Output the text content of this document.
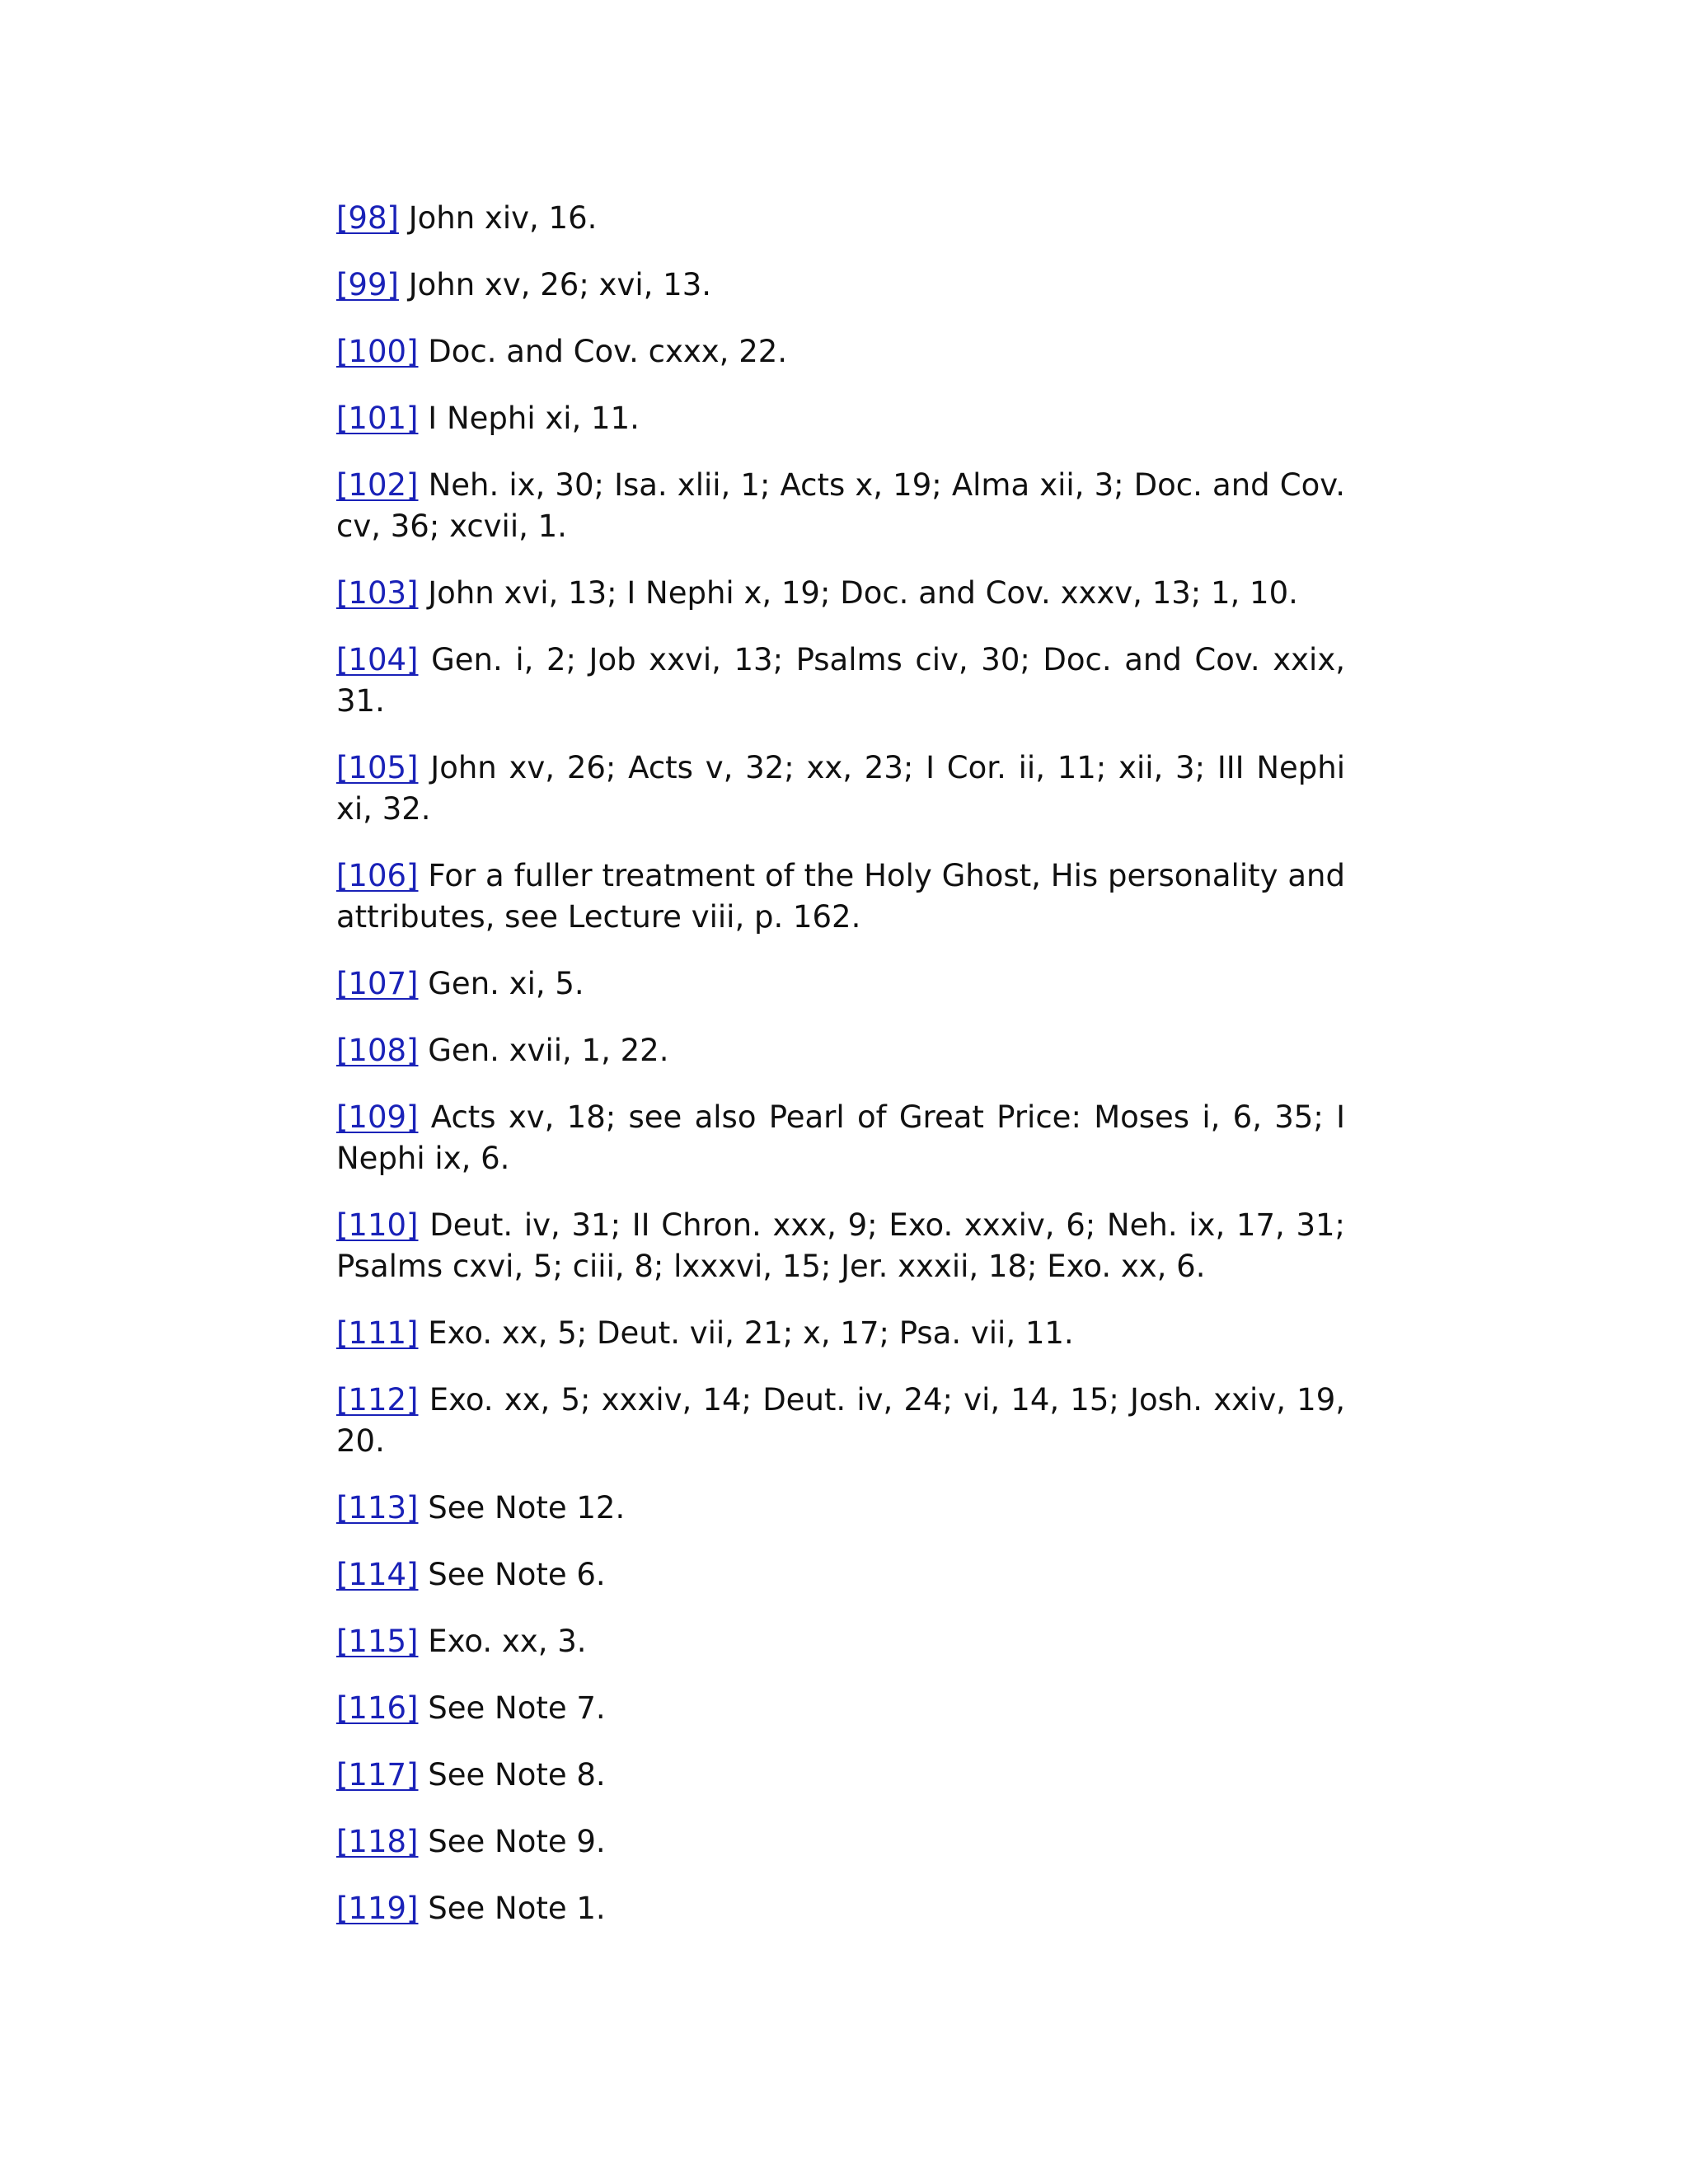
[98] John xiv, 16.

[99] John xv, 26; xvi, 13.

[100] Doc. and Cov. cxxx, 22.

[101] I Nephi xi, 11.

[102] Neh. ix, 30; Isa. xlii, 1; Acts x, 19; Alma xii, 3; Doc. and Cov. cv, 36; xcvii, 1.

[103] John xvi, 13; I Nephi x, 19; Doc. and Cov. xxxv, 13; 1, 10.

[104] Gen. i, 2; Job xxvi, 13; Psalms civ, 30; Doc. and Cov. xxix, 31.

[105] John xv, 26; Acts v, 32; xx, 23; I Cor. ii, 11; xii, 3; III Nephi xi, 32.

[106] For a fuller treatment of the Holy Ghost, His personality and attributes, see Lecture viii, p. 162.

[107] Gen. xi, 5.

[108] Gen. xvii, 1, 22.

[109] Acts xv, 18; see also Pearl of Great Price: Moses i, 6, 35; I Nephi ix, 6.

[110] Deut. iv, 31; II Chron. xxx, 9; Exo. xxxiv, 6; Neh. ix, 17, 31; Psalms cxvi, 5; ciii, 8; lxxxvi, 15; Jer. xxxii, 18; Exo. xx, 6.

[111] Exo. xx, 5; Deut. vii, 21; x, 17; Psa. vii, 11.

[112] Exo. xx, 5; xxxiv, 14; Deut. iv, 24; vi, 14, 15; Josh. xxiv, 19, 20.

[113] See Note 12.

[114] See Note 6.

[115] Exo. xx, 3.

[116] See Note 7.

[117] See Note 8.

[118] See Note 9.

[119] See Note 1.
